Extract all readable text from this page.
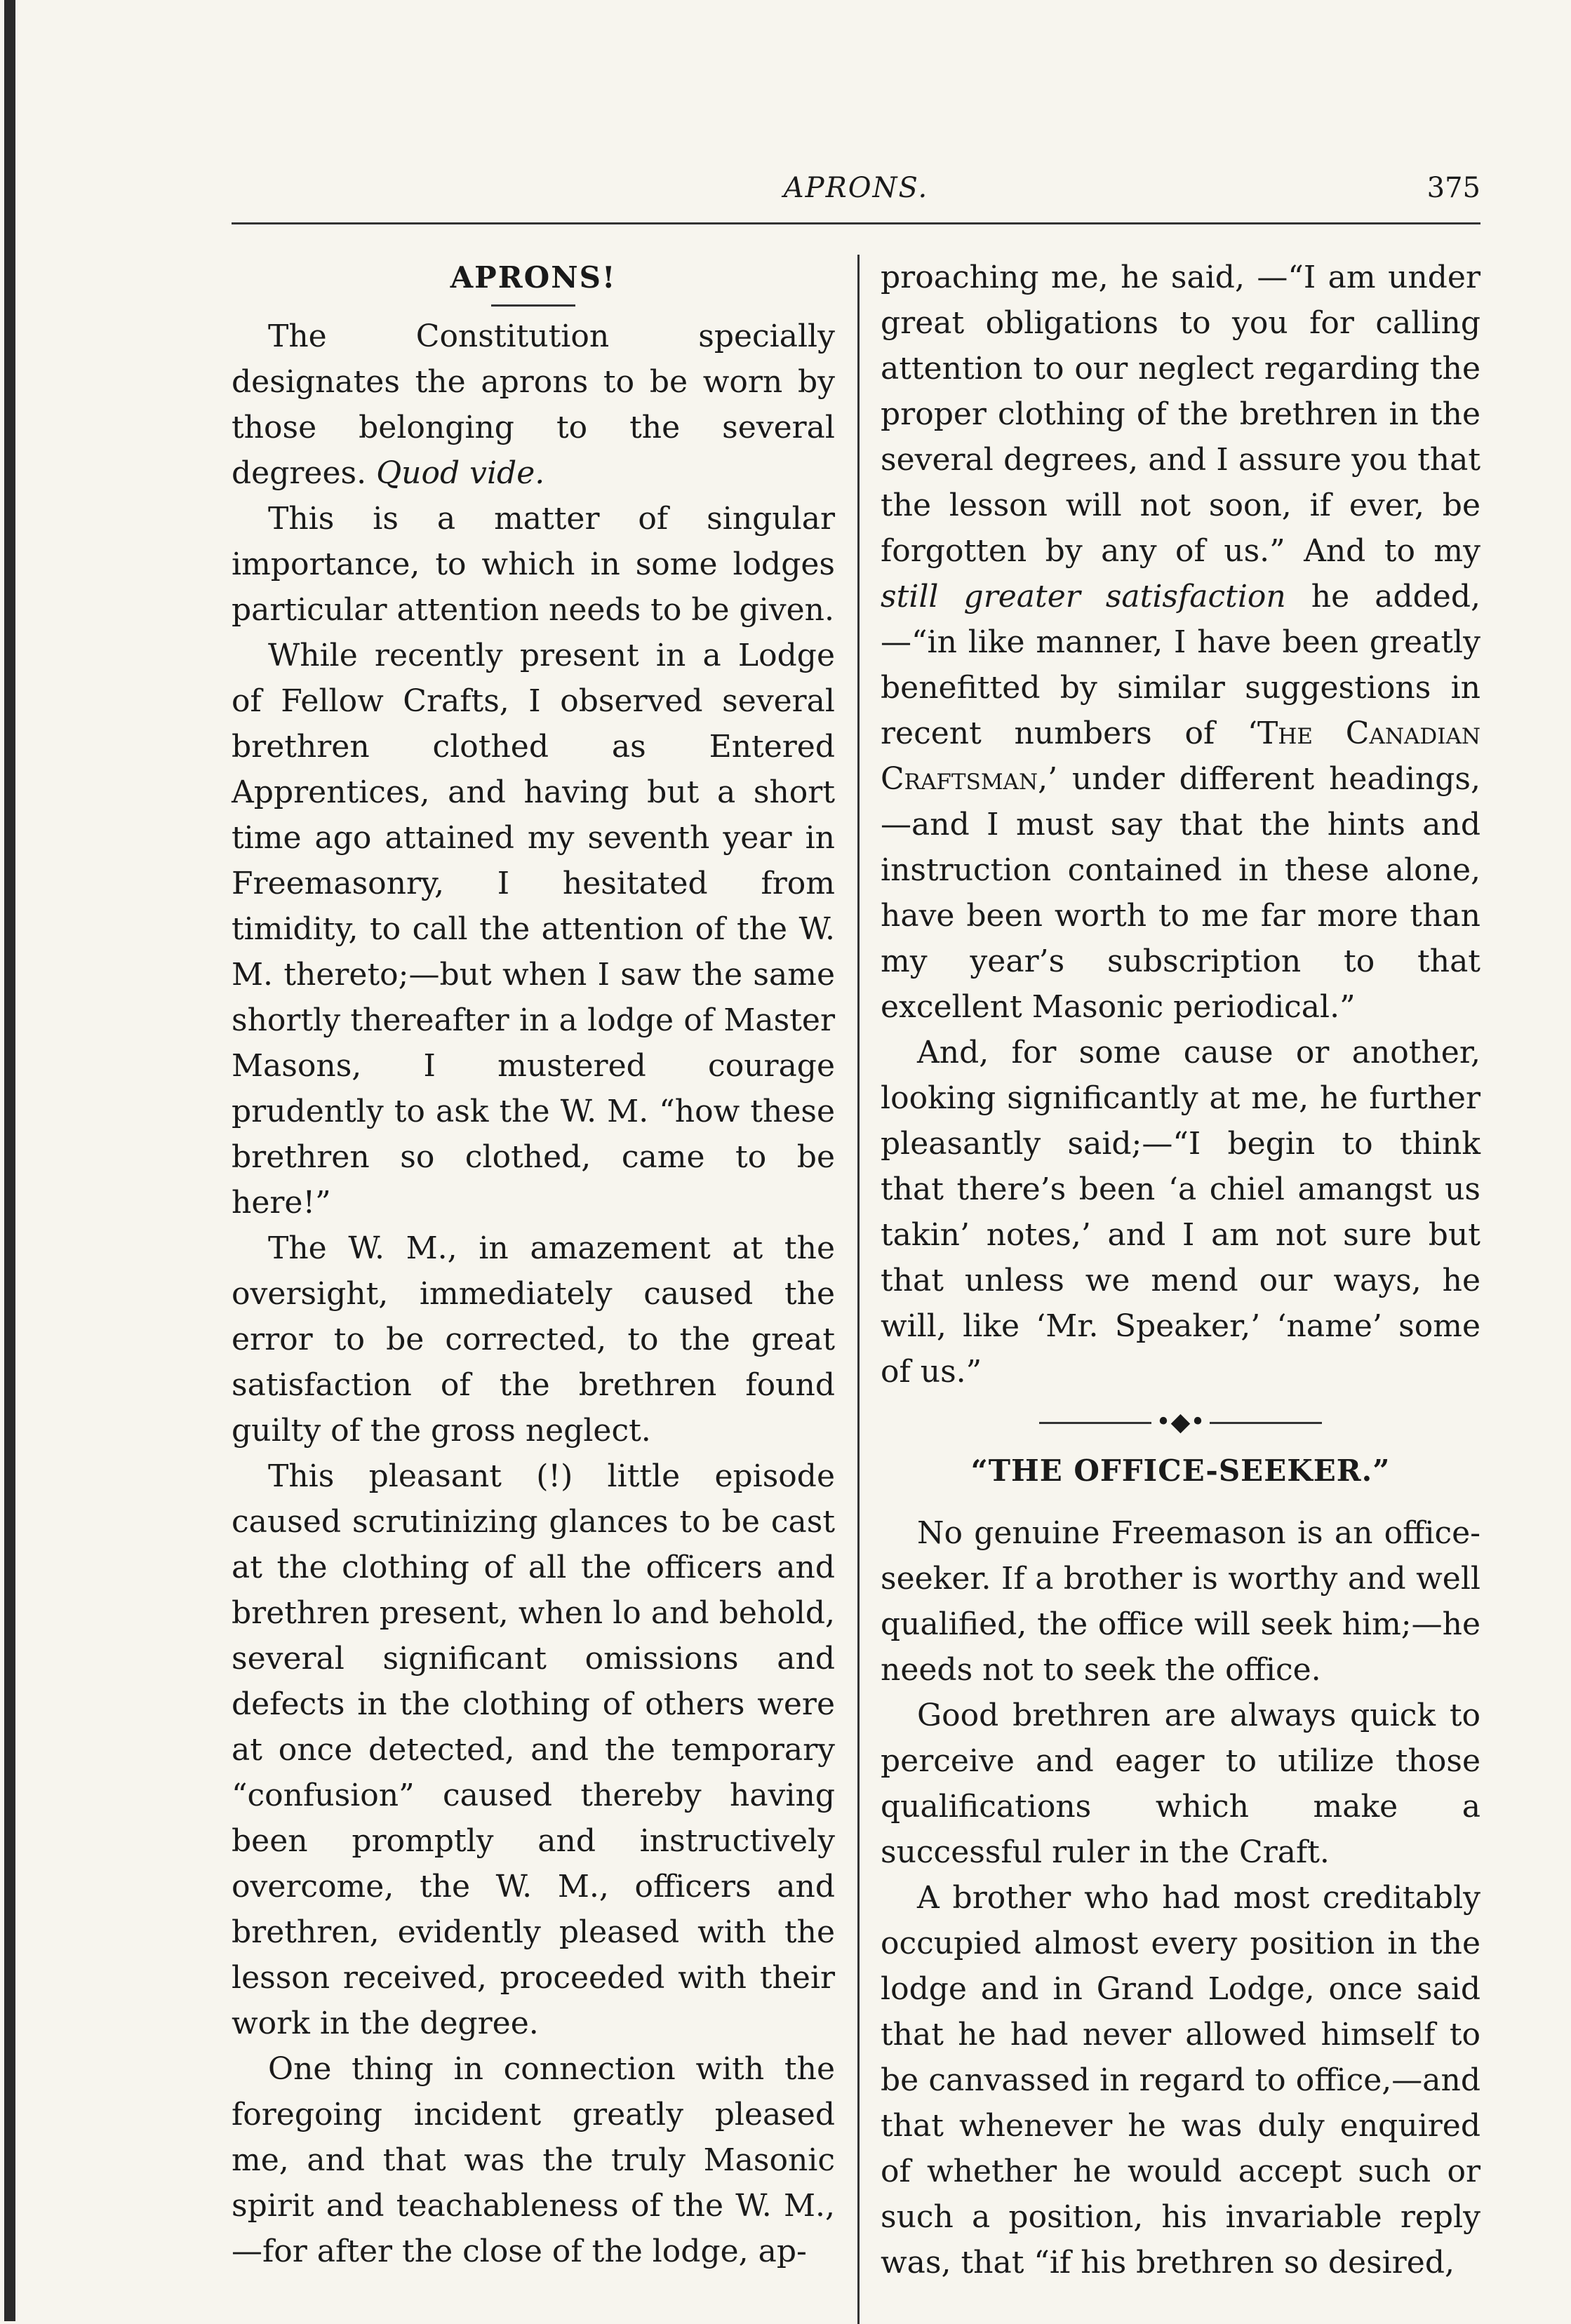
APRONS.	375
APRONS!

The Constitution specially designates the aprons to be worn by those belonging to the several degrees. Quod vide.

This is a matter of singular importance, to which in some lodges particular attention needs to be given.

While recently present in a Lodge of Fellow Crafts, I observed several brethren clothed as Entered Apprentices, and having but a short time ago attained my seventh year in Freemasonry, I hesitated from timidity, to call the attention of the W. M. thereto;—but when I saw the same shortly thereafter in a lodge of Master Masons, I mustered courage prudently to ask the W. M. “how these brethren so clothed, came to be here!”

The W. M., in amazement at the oversight, immediately caused the error to be corrected, to the great satisfaction of the brethren found guilty of the gross neglect.

This pleasant (!) little episode caused scrutinizing glances to be cast at the clothing of all the officers and brethren present, when lo and behold, several significant omissions and defects in the clothing of others were at once detected, and the temporary “confusion” caused thereby having been promptly and instructively overcome, the W. M., officers and brethren, evidently pleased with the lesson received, proceeded with their work in the degree.

One thing in connection with the foregoing incident greatly pleased me, and that was the truly Masonic spirit and teachableness of the W. M.,—for after the close of the lodge, ap-

proaching me, he said, —“I am under great obligations to you for calling attention to our neglect regarding the proper clothing of the brethren in the several degrees, and I assure you that the lesson will not soon, if ever, be forgotten by any of us.” And to my still greater satisfaction he added,—“in like manner, I have been greatly benefitted by similar suggestions in recent numbers of ‘The Canadian Craftsman,’ under different headings,—and I must say that the hints and instruction contained in these alone, have been worth to me far more than my year’s subscription to that excellent Masonic periodical.”

And, for some cause or another, looking significantly at me, he further pleasantly said;—“I begin to think that there’s been ‘a chiel amangst us takin’ notes,’ and I am not sure but that unless we mend our ways, he will, like ‘Mr. Speaker,’ ‘name’ some of us.”

•◆•
“THE OFFICE-SEEKER.”

No genuine Freemason is an office-seeker. If a brother is worthy and well qualified, the office will seek him;—he needs not to seek the office.

Good brethren are always quick to perceive and eager to utilize those qualifications which make a successful ruler in the Craft.

A brother who had most creditably occupied almost every position in the lodge and in Grand Lodge, once said that he had never allowed himself to be canvassed in regard to office,—and that whenever he was duly enquired of whether he would accept such or such a position, his invariable reply was, that “if his brethren so desired,
